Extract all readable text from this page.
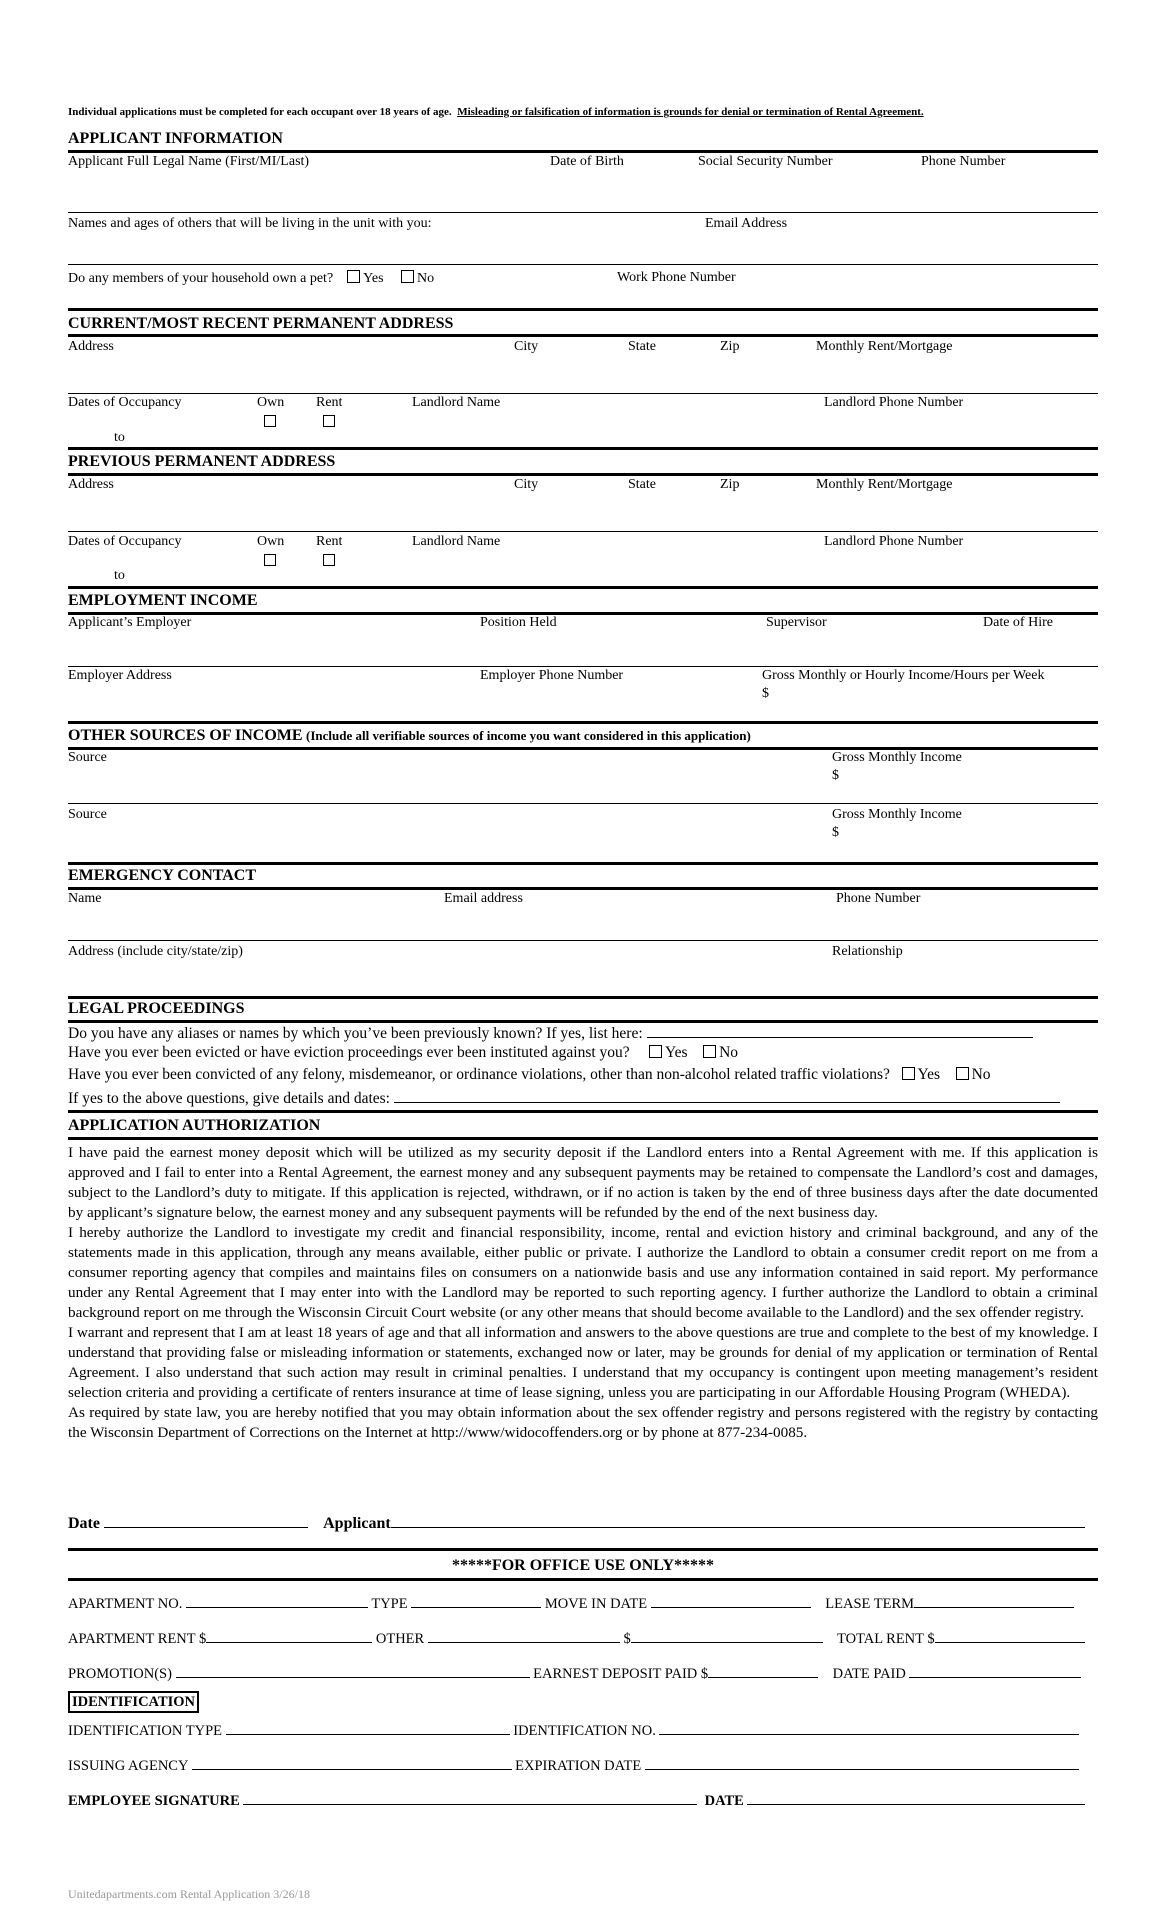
Individual applications must be completed for each occupant over 18 years of age. Misleading or falsification of information is grounds for denial or termination of Rental Agreement.
APPLICANT INFORMATION
Applicant Full Legal Name (First/MI/Last)	Date of Birth	Social Security Number	Phone Number
Names and ages of others that will be living in the unit with you:	Email Address
Do any members of your household own a pet? Yes No	Work Phone Number
CURRENT/MOST RECENT PERMANENT ADDRESS
Address	City	State	Zip	Monthly Rent/Mortgage
Dates of Occupancy	Own Rent	Landlord Name	Landlord Phone Number
to
PREVIOUS PERMANENT ADDRESS
Address	City	State	Zip	Monthly Rent/Mortgage
Dates of Occupancy	Own Rent	Landlord Name	Landlord Phone Number
to
EMPLOYMENT INCOME
Applicant’s Employer	Position Held	Supervisor	Date of Hire
Employer Address	Employer Phone Number	Gross Monthly or Hourly Income/Hours per Week
$
OTHER SOURCES OF INCOME (Include all verifiable sources of income you want considered in this application)
Source	Gross Monthly Income
$
Source	Gross Monthly Income
$
EMERGENCY CONTACT
Name	Email address	Phone Number
Address (include city/state/zip)	Relationship
LEGAL PROCEEDINGS
Do you have any aliases or names by which you’ve been previously known? If yes, list here:
Have you ever been evicted or have eviction proceedings ever been instituted against you? Yes No
Have you ever been convicted of any felony, misdemeanor, or ordinance violations, other than non-alcohol related traffic violations? Yes No
If yes to the above questions, give details and dates:
APPLICATION AUTHORIZATION

I have paid the earnest money deposit which will be utilized as my security deposit if the Landlord enters into a Rental Agreement with me. If this application is approved and I fail to enter into a Rental Agreement, the earnest money and any subsequent payments may be retained to compensate the Landlord’s cost and damages, subject to the Landlord’s duty to mitigate. If this application is rejected, withdrawn, or if no action is taken by the end of three business days after the date documented by applicant’s signature below, the earnest money and any subsequent payments will be refunded by the end of the next business day.

I hereby authorize the Landlord to investigate my credit and financial responsibility, income, rental and eviction history and criminal background, and any of the statements made in this application, through any means available, either public or private. I authorize the Landlord to obtain a consumer credit report on me from a consumer reporting agency that compiles and maintains files on consumers on a nationwide basis and use any information contained in said report. My performance under any Rental Agreement that I may enter into with the Landlord may be reported to such reporting agency. I further authorize the Landlord to obtain a criminal background report on me through the Wisconsin Circuit Court website (or any other means that should become available to the Landlord) and the sex offender registry.

I warrant and represent that I am at least 18 years of age and that all information and answers to the above questions are true and complete to the best of my knowledge. I understand that providing false or misleading information or statements, exchanged now or later, may be grounds for denial of my application or termination of Rental Agreement. I also understand that such action may result in criminal penalties. I understand that my occupancy is contingent upon meeting management’s resident selection criteria and providing a certificate of renters insurance at time of lease signing, unless you are participating in our Affordable Housing Program (WHEDA).

As required by state law, you are hereby notified that you may obtain information about the sex offender registry and persons registered with the registry by contacting the Wisconsin Department of Corrections on the Internet at http://www/widocoffenders.org or by phone at 877-234-0085.

Date	Applicant
*****FOR OFFICE USE ONLY*****
APARTMENT NO.	TYPE	MOVE IN DATE	LEASE TERM
APARTMENT RENT $	OTHER	$	TOTAL RENT $
PROMOTION(S)	EARNEST DEPOSIT PAID $	DATE PAID
IDENTIFICATION
IDENTIFICATION TYPE	IDENTIFICATION NO.
ISSUING AGENCY	EXPIRATION DATE
EMPLOYEE SIGNATURE	DATE
Unitedapartments.com Rental Application 3/26/18
